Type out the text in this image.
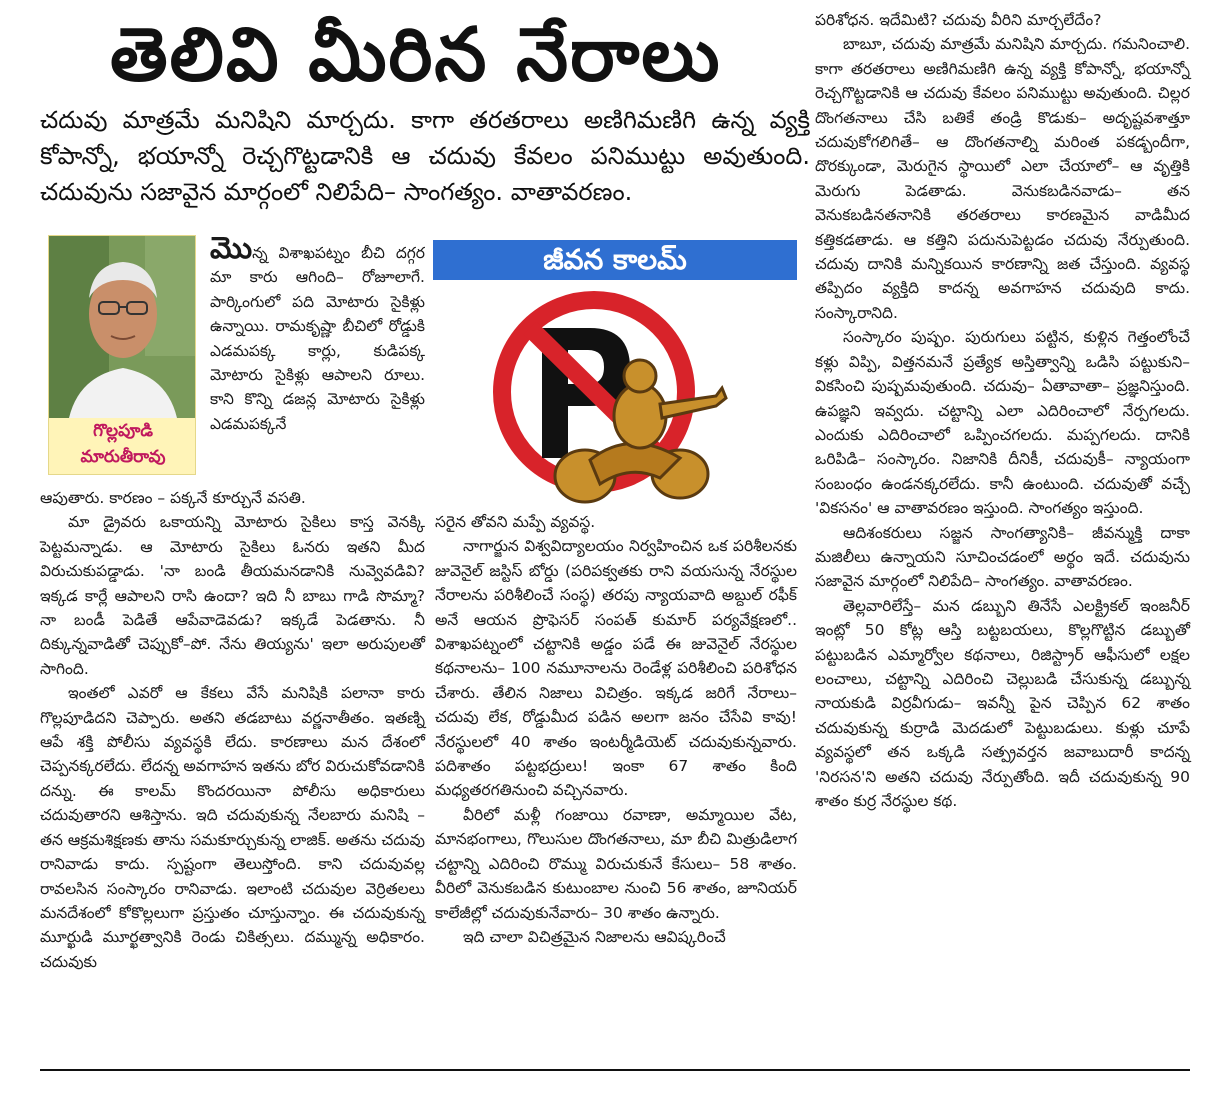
తెలివి మీరిన నేరాలు

చదువు మాత్రమే మనిషిని మార్చదు. కాగా తరతరాలు అణిగిమణిగి ఉన్న వ్యక్తి కోపాన్నో, భయాన్నో రెచ్చగొట్టడానికి ఆ చదువు కేవలం పనిముట్టు అవుతుంది. చదువును సజావైన మార్గంలో నిలిపేది– సాంగత్యం. వాతావరణం.

గొల్లపూడి
మారుతీరావు

మొన్న విశాఖపట్నం బీచి దగ్గర మా కారు ఆగింది– రోజూలాగే. పార్కింగులో పది మోటారు సైకిళ్లు ఉన్నాయి. రామకృష్ణా బీచిలో రోడ్డుకి ఎడమపక్క కార్లు, కుడిపక్క మోటారు సైకిళ్లు ఆపాలని రూలు. కాని కొన్ని డజన్ల మోటారు సైకిళ్లు ఎడమపక్కనే

ఆపుతారు. కారణం – పక్కనే కూర్చునే వసతి.

మా డ్రైవరు ఒకాయన్ని మోటారు సైకిలు కాస్త వెనక్కి పెట్టమన్నాడు. ఆ మోటారు సైకిలు ఓనరు ఇతని మీద విరుచుకుపడ్డాడు. 'నా బండి తీయమనడానికి నువ్వెవడివి? ఇక్కడ కార్లే ఆపాలని రాసి ఉందా? ఇది నీ బాబు గాడి సొమ్మా? నా బండీ పెడితే ఆపేవాడెవడు? ఇక్కడే పెడతాను. నీ దిక్కున్నవాడితో చెప్పుకో–పో. నేను తియ్యను' ఇలా అరుపులతో సాగింది.

ఇంతలో ఎవరో ఆ కేకలు వేసే మనిషికి పలానా కారు గొల్లపూడిదని చెప్పారు. అతని తడబాటు వర్ణనాతీతం. ఇతణ్ని ఆపే శక్తి పోలీసు వ్యవస్థకి లేదు. కారణాలు మన దేశంలో చెప్పనక్కరలేదు. లేదన్న అవగాహన ఇతను బోర విరుచుకోవడానికి దన్ను. ఈ కాలమ్ కొందరయినా పోలీసు అధికారులు చదువుతారని ఆశిస్తాను. ఇది చదువుకున్న నేలబారు మనిషి – తన ఆక్రమశిక్షణకు తాను సమకూర్చుకున్న లాజిక్. అతను చదువు రానివాడు కాదు. స్పష్టంగా తెలుస్తోంది. కాని చదువువల్ల రావలసిన సంస్కారం రానివాడు. ఇలాంటి చదువుల వెర్రితలలు మనదేశంలో కోకొల్లలుగా ప్రస్తుతం చూస్తున్నాం. ఈ చదువుకున్న మూర్ఖుడి మూర్ఖత్వానికి రెండు చికిత్సలు. దమ్మున్న అధికారం. చదువుకు

జీవన కాలమ్

సరైన తోవని మప్పే వ్యవస్థ.

నాగార్జున విశ్వవిద్యాలయం నిర్వహించిన ఒక పరిశీలనకు జువెనైల్ జస్టిస్ బోర్డు (పరిపక్వతకు రాని వయసున్న నేరస్థుల నేరాలను పరిశీలించే సంస్థ) తరపు న్యాయవాది అబ్దుల్ రఫీక్ అనే ఆయన ప్రొఫెసర్ సంపత్ కుమార్ పర్యవేక్షణలో.. విశాఖపట్నంలో చట్టానికి అడ్డం పడే ఈ జువెనైల్ నేరస్థుల కథనాలను– 100 నమూనాలను రెండేళ్ల పరిశీలించి పరిశోధన చేశారు. తేలిన నిజాలు విచిత్రం. ఇక్కడ జరిగే నేరాలు– చదువు లేక, రోడ్డుమీద పడిన అలగా జనం చేసేవి కావు! నేరస్థులలో 40 శాతం ఇంటర్మీడియెట్ చదువుకున్నవారు. పదిశాతం పట్టభద్రులు! ఇంకా 67 శాతం కింది మధ్యతరగతినుంచి వచ్చినవారు.

వీరిలో మళ్లీ గంజాయి రవాణా, అమ్మాయిల వేట, మానభంగాలు, గొలుసుల దొంగతనాలు, మా బీచి మిత్రుడిలాగ చట్టాన్ని ఎదిరించి రొమ్ము విరుచుకునే కేసులు– 58 శాతం. వీరిలో వెనుకబడిన కుటుంబాల నుంచి 56 శాతం, జూనియర్ కాలేజీల్లో చదువుకునేవారు– 30 శాతం ఉన్నారు.

ఇది చాలా విచిత్రమైన నిజాలను ఆవిష్కరించే

పరిశోధన. ఇదేమిటి? చదువు వీరిని మార్చలేదేం?

బాబూ, చదువు మాత్రమే మనిషిని మార్చదు. గమనించాలి. కాగా తరతరాలు అణిగిమణిగి ఉన్న వ్యక్తి కోపాన్నో, భయాన్నో రెచ్చగొట్టడానికి ఆ చదువు కేవలం పనిముట్టు అవుతుంది. చిల్లర దొంగతనాలు చేసి బతికే తండ్రి కొడుకు– అదృష్టవశాత్తూ చదువుకోగలిగితే– ఆ దొంగతనాల్ని మరింత పకడ్బందీగా, దొరక్కుండా, మెరుగైన స్థాయిలో ఎలా చేయాలో– ఆ వృత్తికి మెరుగు పెడతాడు. వెనుకబడినవాడు– తన వెనుకబడినతనానికి తరతరాలు కారణమైన వాడిమీద కత్తికడతాడు. ఆ కత్తిని పదునుపెట్టడం చదువు నేర్పుతుంది. చదువు దానికి మన్నికయిన కారణాన్ని జత చేస్తుంది. వ్యవస్థ తప్పిదం వ్యక్తిది కాదన్న అవగాహన చదువుది కాదు. సంస్కారానిది.

సంస్కారం పుష్పం. పురుగులు పట్టిన, కుళ్లిన గెత్తంలోంచే కళ్లు విప్పి, విత్తనమనే ప్రత్యేక అస్తిత్వాన్ని ఒడిసి పట్టుకుని– వికసించి పుష్పమవుతుంది. చదువు– ఏతావాతా– ప్రజ్ఞనిస్తుంది. ఉపజ్ఞని ఇవ్వదు. చట్టాన్ని ఎలా ఎదిరించాలో నేర్పగలదు. ఎందుకు ఎదిరించాలో ఒప్పించగలదు. మప్పగలదు. దానికి ఒరిపిడి– సంస్కారం. నిజానికి దీనికీ, చదువుకీ– న్యాయంగా సంబంధం ఉండనక్కరలేదు. కానీ ఉంటుంది. చదువుతో వచ్చే 'వికసనం' ఆ వాతావరణం ఇస్తుంది. సాంగత్యం ఇస్తుంది.

ఆదిశంకరులు సజ్జన సాంగత్యానికి– జీవన్ముక్తి దాకా మజిలీలు ఉన్నాయని సూచించడంలో అర్థం ఇదే. చదువును సజావైన మార్గంలో నిలిపేది– సాంగత్యం. వాతావరణం.

తెల్లవారిలేస్తే– మన డబ్బుని తినేసే ఎలక్ట్రికల్ ఇంజనీర్ ఇంట్లో 50 కోట్ల ఆస్తి బట్టబయలు, కొల్లగొట్టిన డబ్బుతో పట్టుబడిన ఎమ్మార్వోల కథనాలు, రిజిస్ట్రార్ ఆఫీసులో లక్షల లంచాలు, చట్టాన్ని ఎదిరించి చెల్లుబడి చేసుకున్న డబ్బున్న నాయకుడి విర్రవీగుడు– ఇవన్నీ పైన చెప్పిన 62 శాతం చదువుకున్న కుర్రాడి మెదడులో పెట్టుబడులు. కుళ్లు చూపే వ్యవస్థలో తన ఒక్కడి సత్ప్రవర్తన జవాబుదారీ కాదన్న 'నిరసన'ని అతని చదువు నేర్పుతోంది. ఇదీ చదువుకున్న 90 శాతం కుర్ర నేరస్థుల కథ.
